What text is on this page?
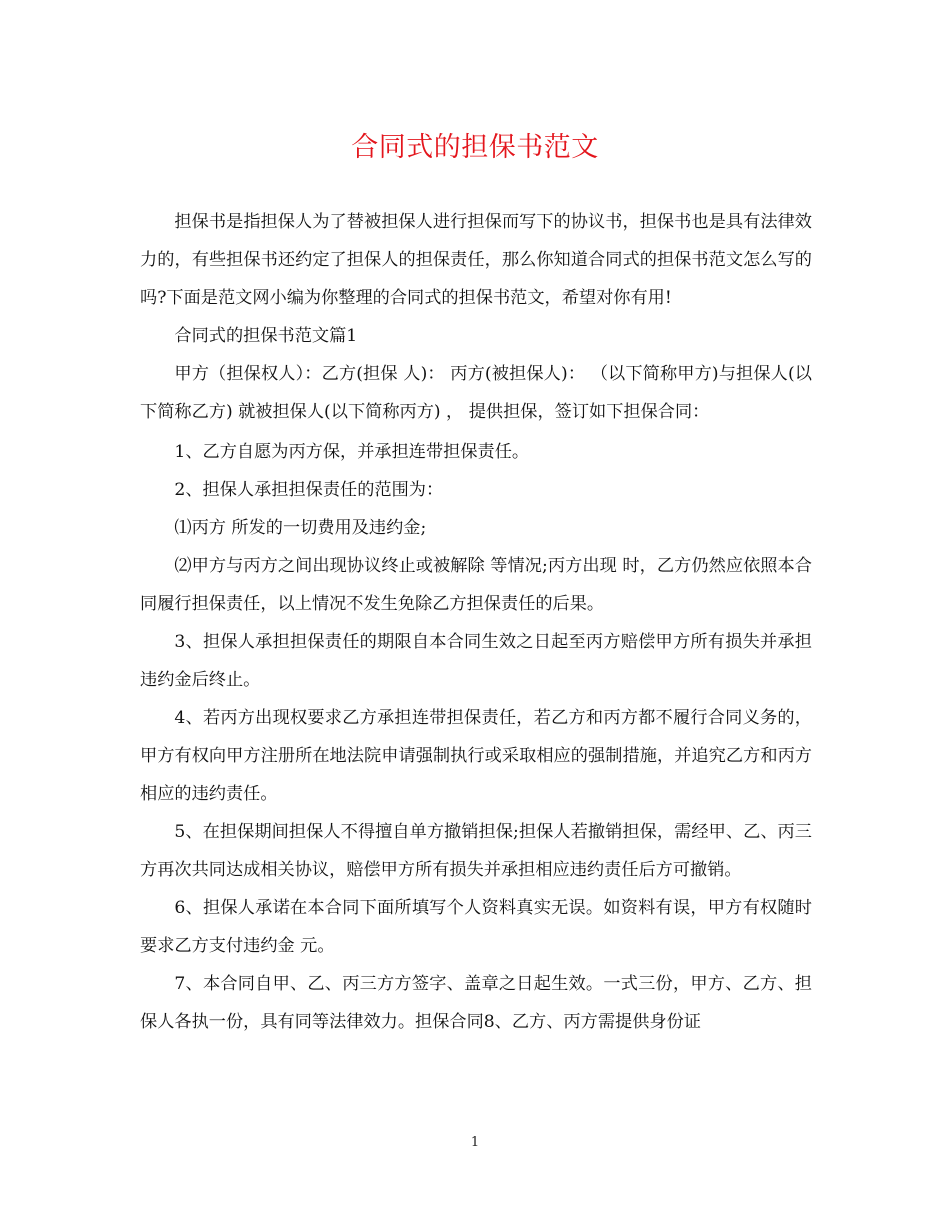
合同式的担保书范文

担保书是指担保人为了替被担保人进行担保而写下的协议书，担保书也是具有法律效力的，有些担保书还约定了担保人的担保责任，那么你知道合同式的担保书范文怎么写的吗?下面是范文网小编为你整理的合同式的担保书范文，希望对你有用!

合同式的担保书范文篇1

甲方（担保权人）：乙方(担保 人)： 丙方(被担保人)： （以下简称甲方)与担保人(以下简称乙方) 就被担保人(以下简称丙方) ， 提供担保，签订如下担保合同：

1、乙方自愿为丙方保，并承担连带担保责任。

2、担保人承担担保责任的范围为：

⑴丙方 所发的一切费用及违约金;

⑵甲方与丙方之间出现协议终止或被解除 等情况;丙方出现 时，乙方仍然应依照本合同履行担保责任，以上情况不发生免除乙方担保责任的后果。

3、担保人承担担保责任的期限自本合同生效之日起至丙方赔偿甲方所有损失并承担违约金后终止。

4、若丙方出现权要求乙方承担连带担保责任，若乙方和丙方都不履行合同义务的，甲方有权向甲方注册所在地法院申请强制执行或采取相应的强制措施，并追究乙方和丙方相应的违约责任。

5、在担保期间担保人不得擅自单方撤销担保;担保人若撤销担保，需经甲、乙、丙三方再次共同达成相关协议，赔偿甲方所有损失并承担相应违约责任后方可撤销。

6、担保人承诺在本合同下面所填写个人资料真实无误。如资料有误，甲方有权随时要求乙方支付违约金 元。

7、本合同自甲、乙、丙三方方签字、盖章之日起生效。一式三份，甲方、乙方、担保人各执一份，具有同等法律效力。担保合同8、乙方、丙方需提供身份证

1
